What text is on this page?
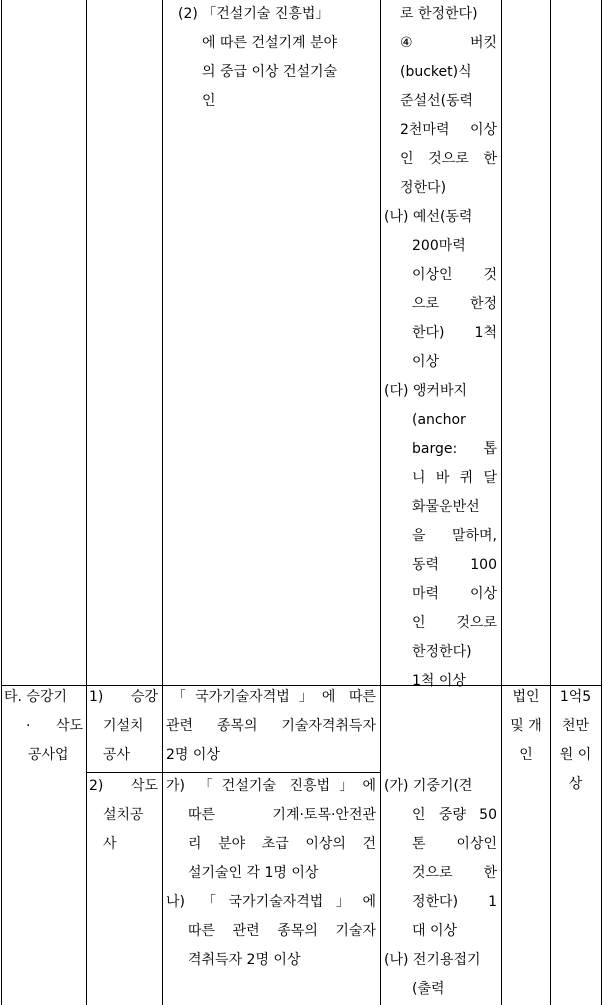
(2) 「건설기술 진흥법」
에 따른 건설기계 분야
의 중급 이상 건설기술
인
로 한정한다)
④ 버킷
(bucket)식
준설선(동력
2천마력 이상
인 것으로 한
정한다)
(나) 예선(동력
200마력
이상인 것
으로 한정
한다) 1척
이상
(다) 앵커바지
(anchor
barge: 톱
니 바 퀴 달
화물운반선
을 말하며,
동력 100
마력 이상
인 것으로
한정한다)
1척 이상
타. 승강기
· 삭도
공사업
1) 승강
기설치
공사
「국가기술자격법」에 따른
관련 종목의 기술자격취득자
2명 이상
2) 삭도
설치공
사
가) 「건설기술 진흥법」에
따른 기계·토목·안전관
리 분야 초급 이상의 건
설기술인 각 1명 이상
나) 「국가기술자격법」에
따른 관련 종목의 기술자
격취득자 2명 이상
(가) 기중기(견
인 중량 50
톤 이상인
것으로 한
정한다) 1
대 이상
(나) 전기용접기
(출력
법인
및 개
인
1억5
천만
원 이
상
